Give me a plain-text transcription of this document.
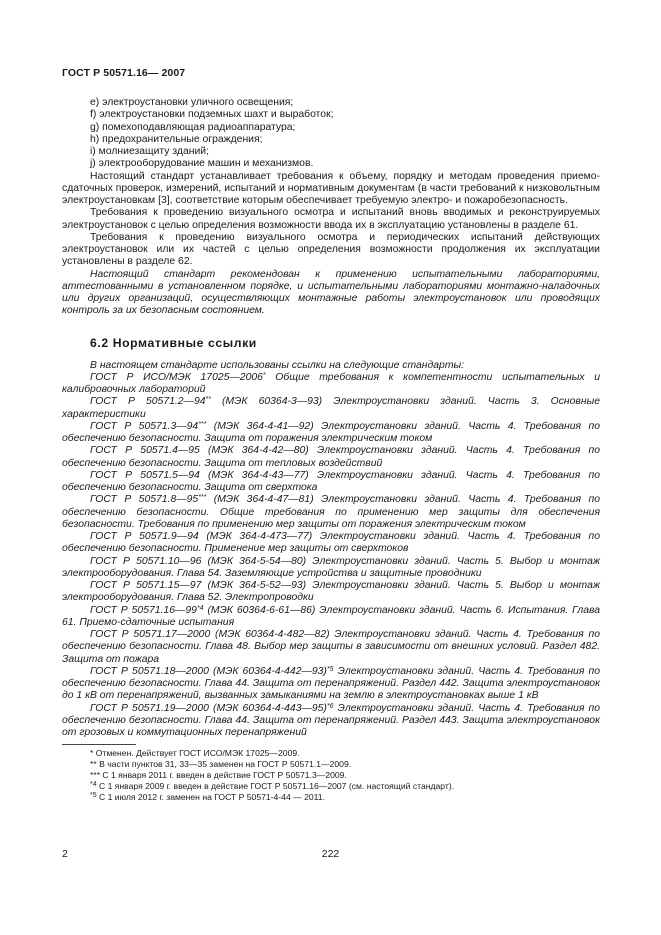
ГОСТ Р 50571.16— 2007

е) электроустановки уличного освещения;

f) электроустановки подземных шахт и выработок;

g) помехоподавляющая радиоаппаратура;

h) предохранительные ограждения;

i) молниезащиту зданий;

j) электрооборудование машин и механизмов.

Настоящий стандарт устанавливает требования к объему, порядку и методам проведения приемо-сдаточных проверок, измерений, испытаний и нормативным документам (в части требований к низковольтным электроустановкам [3], соответствие которым обеспечивает требуемую электро- и пожаробезопасность.

Требования к проведению визуального осмотра и испытаний вновь вводимых и реконструируемых электроустановок с целью определения возможности ввода их в эксплуатацию установлены в разделе 61.

Требования к проведению визуального осмотра и периодических испытаний действующих электроустановок или их частей с целью определения возможности продолжения их эксплуатации установлены в разделе 62.

Настоящий стандарт рекомендован к применению испытательными лабораториями, аттестованными в установленном порядке, и испытательными лабораториями монтажно-наладочных или других организаций, осуществляющих монтажные работы электроустановок или проводящих контроль за их безопасным состоянием.

6.2 Нормативные ссылки

В настоящем стандарте использованы ссылки на следующие стандарты:

ГОСТ Р ИСО/МЭК 17025—2006* Общие требования к компетентности испытательных и калибровочных лабораторий

ГОСТ Р 50571.2—94** (МЭК 60364-3—93) Электроустановки зданий. Часть 3. Основные характеристики

ГОСТ Р 50571.3—94*** (МЭК 364-4-41—92) Электроустановки зданий. Часть 4. Требования по обеспечению безопасности. Защита от поражения электрическим током

ГОСТ Р 50571.4—95 (МЭК 364-4-42—80) Электроустановки зданий. Часть 4. Требования по обеспечению безопасности. Защита от тепловых воздействий

ГОСТ Р 50571.5—94 (МЭК 364-4-43—77) Электроустановки зданий. Часть 4. Требования по обеспечению безопасности. Защита от сверхтока

ГОСТ Р 50571.8—95*** (МЭК 364-4-47—81) Электроустановки зданий. Часть 4. Требования по обеспечению безопасности. Общие требования по применению мер защиты для обеспечения безопасности. Требования по применению мер защиты от поражения электрическим током

ГОСТ Р 50571.9—94 (МЭК 364-4-473—77) Электроустановки зданий. Часть 4. Требования по обеспечению безопасности. Применение мер защиты от сверхтоков

ГОСТ Р 50571.10—96 (МЭК 364-5-54—80) Электроустановки зданий. Часть 5. Выбор и монтаж электрооборудования. Глава 54. Заземляющие устройства и защитные проводники

ГОСТ Р 50571.15—97 (МЭК 364-5-52—93) Электроустановки зданий. Часть 5. Выбор и монтаж электрооборудования. Глава 52. Электропроводки

ГОСТ Р 50571.16—99$^{*4}$ (МЭК 60364-6-61—86) Электроустановки зданий. Часть 6. Испытания. Глава 61. Приемо-сдаточные испытания

ГОСТ Р 50571.17—2000 (МЭК 60364-4-482—82) Электроустановки зданий. Часть 4. Требования по обеспечению безопасности. Глава 48. Выбор мер защиты в зависимости от внешних условий. Раздел 482. Защита от пожара

ГОСТ Р 50571.18—2000 (МЭК 60364-4-442—93)$^{*5}$ Электроустановки зданий. Часть 4. Требования по обеспечению безопасности. Глава 44. Защита от перенапряжений. Раздел 442. Защита электроустановок до 1 кВ от перенапряжений, вызванных замыканиями на землю в электроустановках выше 1 кВ

ГОСТ Р 50571.19—2000 (МЭК 60364-4-443—95)$^{*6}$ Электроустановки зданий. Часть 4. Требования по обеспечению безопасности. Глава 44. Защита от перенапряжений. Раздел 443. Защита электроустановок от грозовых и коммутационных перенапряжений

* Отменен. Действует ГОСТ ИСО/МЭК 17025—2009.

** В части пунктов 31, 33—35 заменен на ГОСТ Р 50571.1—2009.

*** С 1 января 2011 г. введен в действие ГОСТ Р 50571.3—2009.

$^{*4}$ С 1 января 2009 г. введен в действие ГОСТ Р 50571.16—2007 (см. настоящий стандарт).

$^{*5}$ С 1 июля 2012 г. заменен на ГОСТ Р 50571-4-44 — 2011.

2	222
